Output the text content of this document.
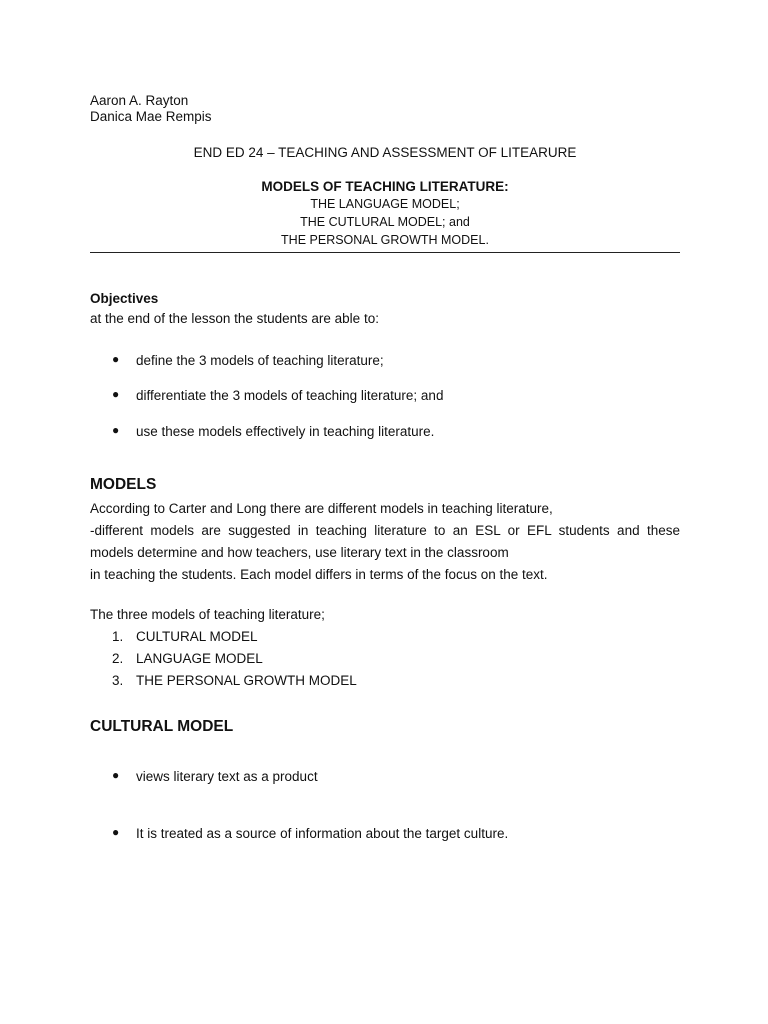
Aaron A. Rayton
Danica Mae Rempis
END ED 24 – TEACHING AND ASSESSMENT OF LITEARURE
MODELS OF TEACHING LITERATURE:
THE LANGUAGE MODEL;
THE CUTLURAL MODEL; and
THE PERSONAL GROWTH MODEL.
Objectives
at the end of the lesson the students are able to:
● define the 3 models of teaching literature;
● differentiate the 3 models of teaching literature; and
● use these models effectively in teaching literature.
MODELS
According to Carter and Long there are different models in teaching literature,
-different models are suggested in teaching literature to an ESL or EFL students and these
models determine and how teachers, use literary text in the classroom
in teaching the students. Each model differs in terms of the focus on the text.
The three models of teaching literature;
1. CULTURAL MODEL
2. LANGUAGE MODEL
3. THE PERSONAL GROWTH MODEL
CULTURAL MODEL
● views literary text as a product
● It is treated as a source of information about the target culture.
